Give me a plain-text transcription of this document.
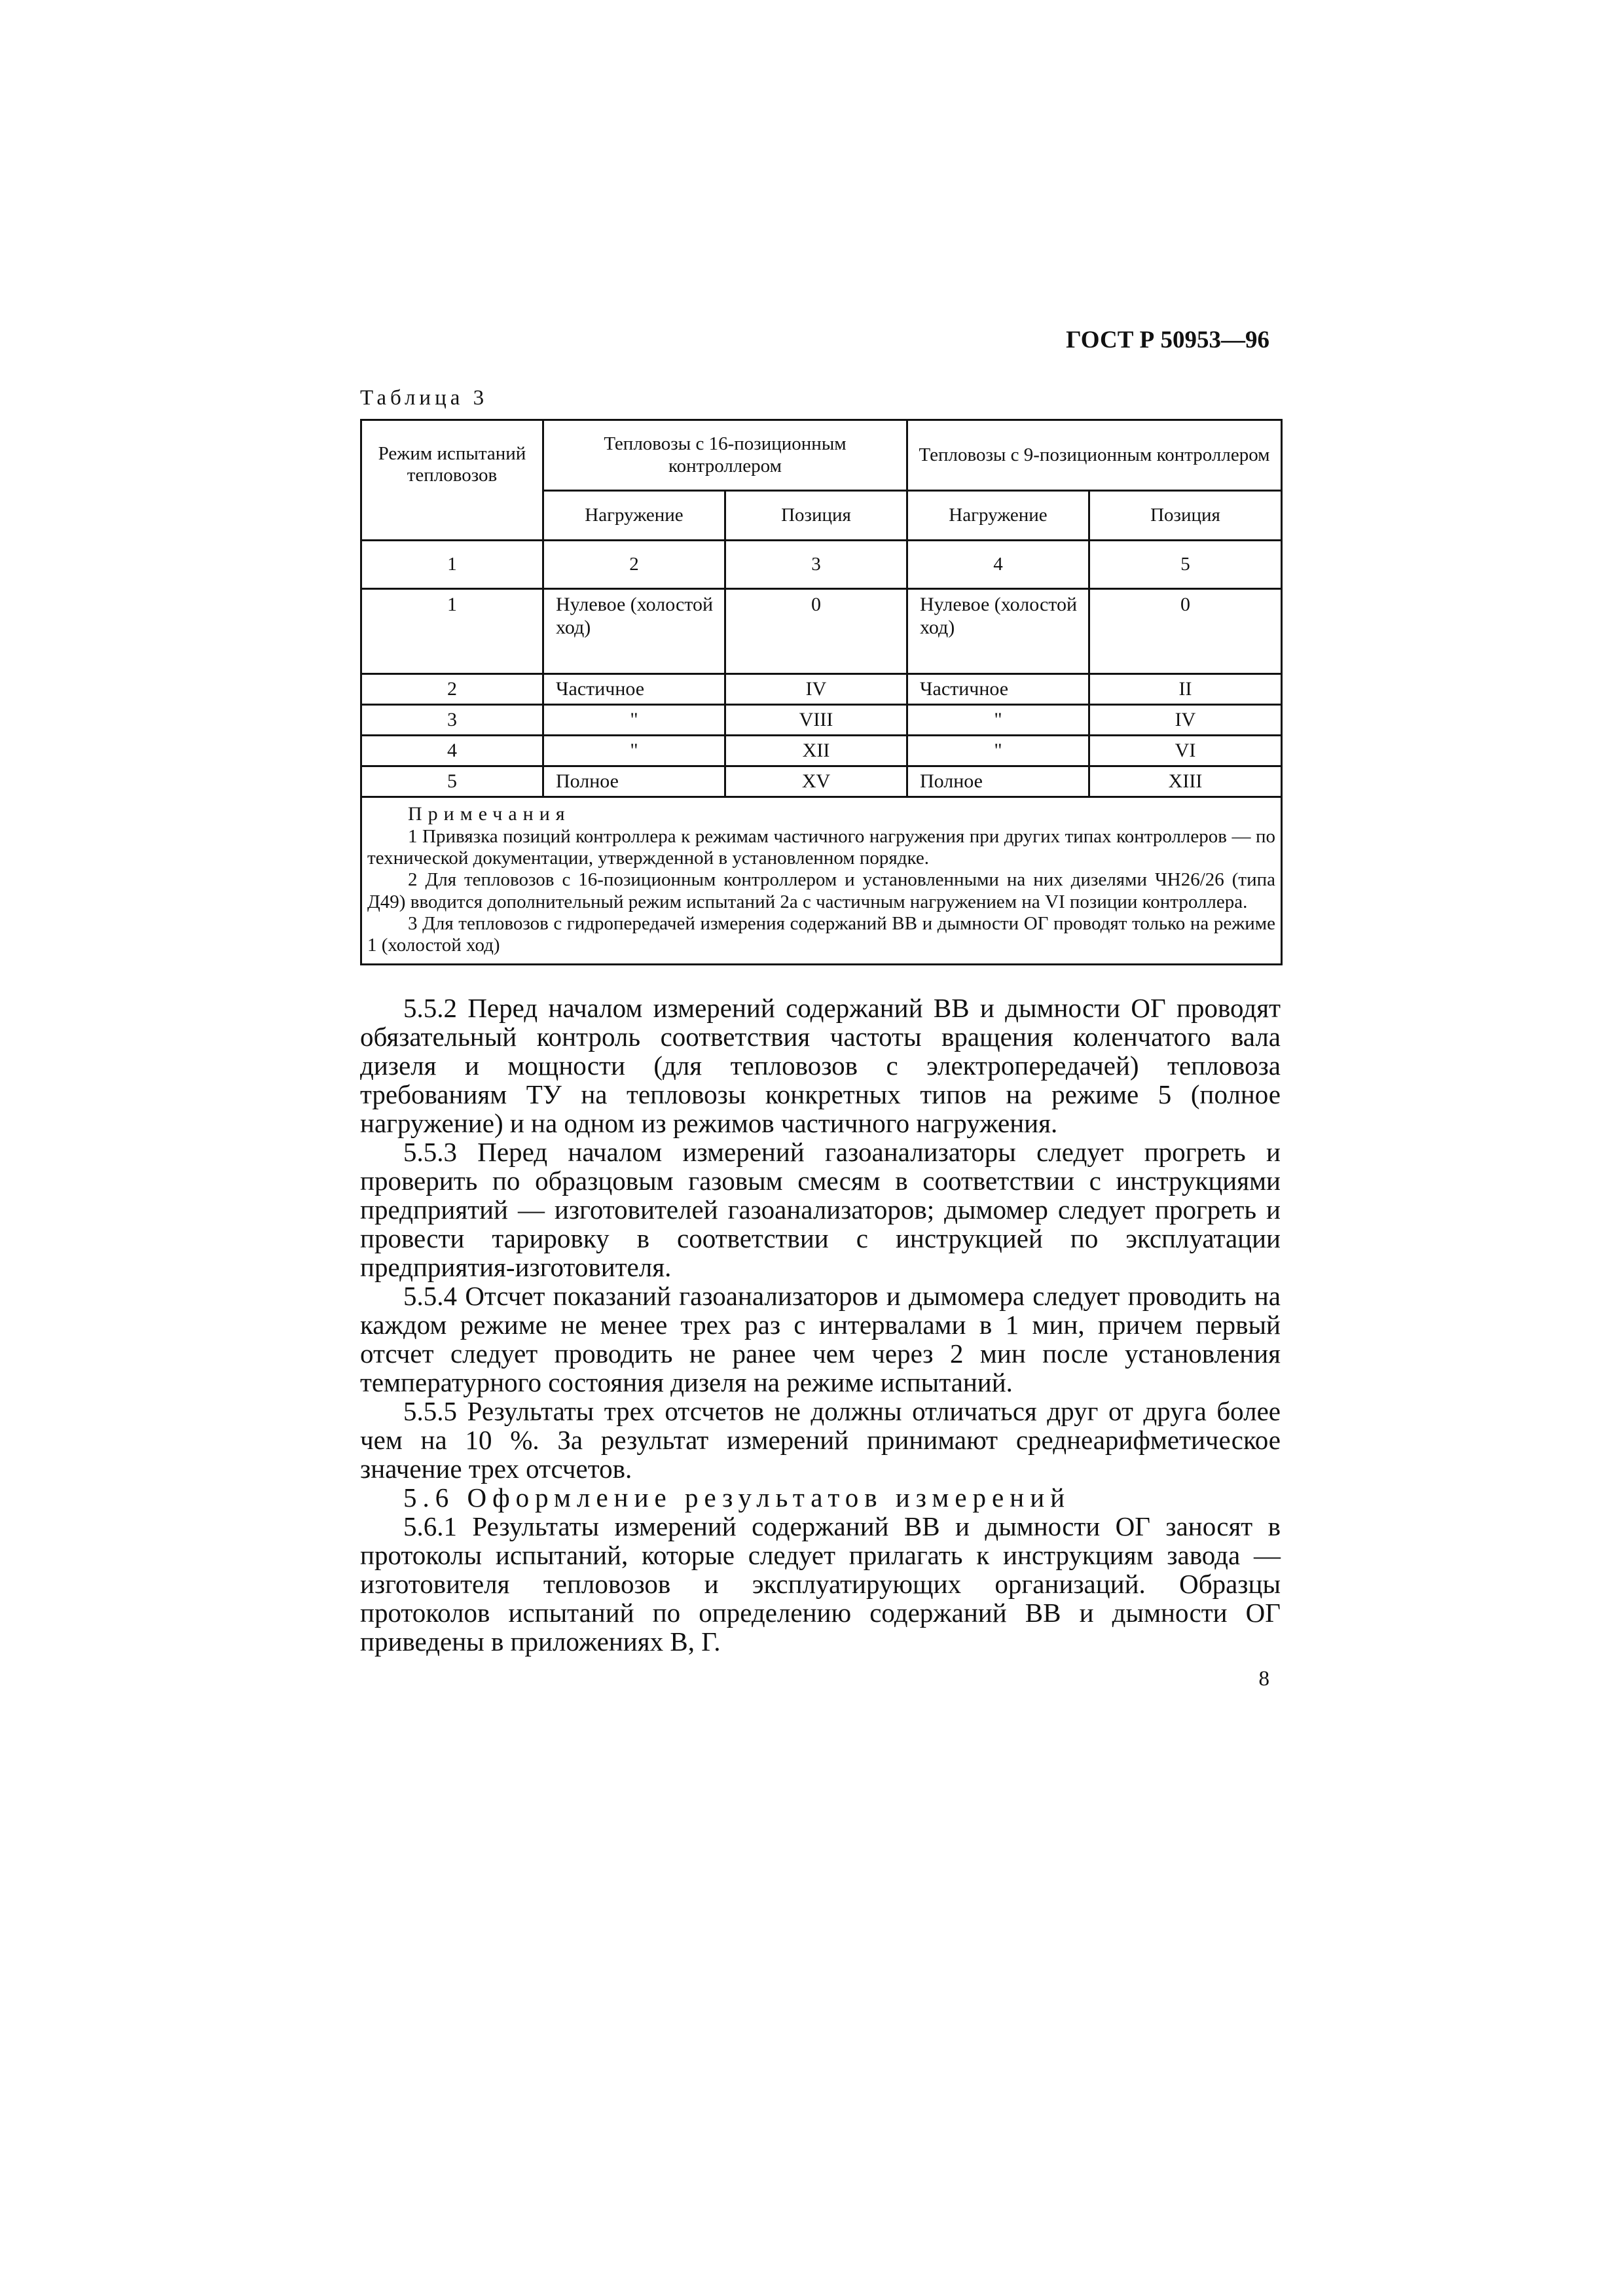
ГОСТ Р 50953—96
Таблица 3
Режим испытаний тепловозов	Тепловозы с 16-позиционным контроллером		Тепловозы с 9-позиционным контроллером	
	Нагружение	Позиция	Нагружение	Позиция
1	2	3	4	5
1	Нулевое (холостой ход)	0	Нулевое (холостой ход)	0
2	Частичное	IV	Частичное	II
3	"	VIII	"	IV
4	"	XII	"	VI
5	Полное	XV	Полное	XIII

Примечания

1 Привязка позиций контроллера к режимам частичного нагружения при других типах контроллеров — по технической документации, утвержденной в установленном порядке.

2 Для тепловозов с 16-позиционным контроллером и установленными на них дизелями ЧН26/26 (типа Д49) вводится дополнительный режим испытаний 2а с частичным нагружением на VI позиции контроллера.

3 Для тепловозов с гидропередачей измерения содержаний ВВ и дымности ОГ проводят только на режиме 1 (холостой ход)				

5.5.2 Перед началом измерений содержаний ВВ и дымности ОГ проводят обязательный контроль соответствия частоты вращения коленчатого вала дизеля и мощности (для тепловозов с электропередачей) тепловоза требованиям ТУ на тепловозы конкретных типов на режиме 5 (полное нагружение) и на одном из режимов частичного нагружения.

5.5.3 Перед началом измерений газоанализаторы следует прогреть и проверить по образцовым газовым смесям в соответствии с инструкциями предприятий — изготовителей газоанализаторов; дымомер следует прогреть и провести тарировку в соответствии с инструкцией по эксплуатации предприятия-изготовителя.

5.5.4 Отсчет показаний газоанализаторов и дымомера следует проводить на каждом режиме не менее трех раз с интервалами в 1 мин, причем первый отсчет следует проводить не ранее чем через 2 мин после установления температурного состояния дизеля на режиме испытаний.

5.5.5 Результаты трех отсчетов не должны отличаться друг от друга более чем на 10 %. За результат измерений принимают среднеарифметическое значение трех отсчетов.

5.6 Оформление результатов измерений

5.6.1 Результаты измерений содержаний ВВ и дымности ОГ заносят в протоколы испытаний, которые следует прилагать к инструкциям завода — изготовителя тепловозов и эксплуатирующих организаций. Образцы протоколов испытаний по определению содержаний ВВ и дымности ОГ приведены в приложениях В, Г.

8
